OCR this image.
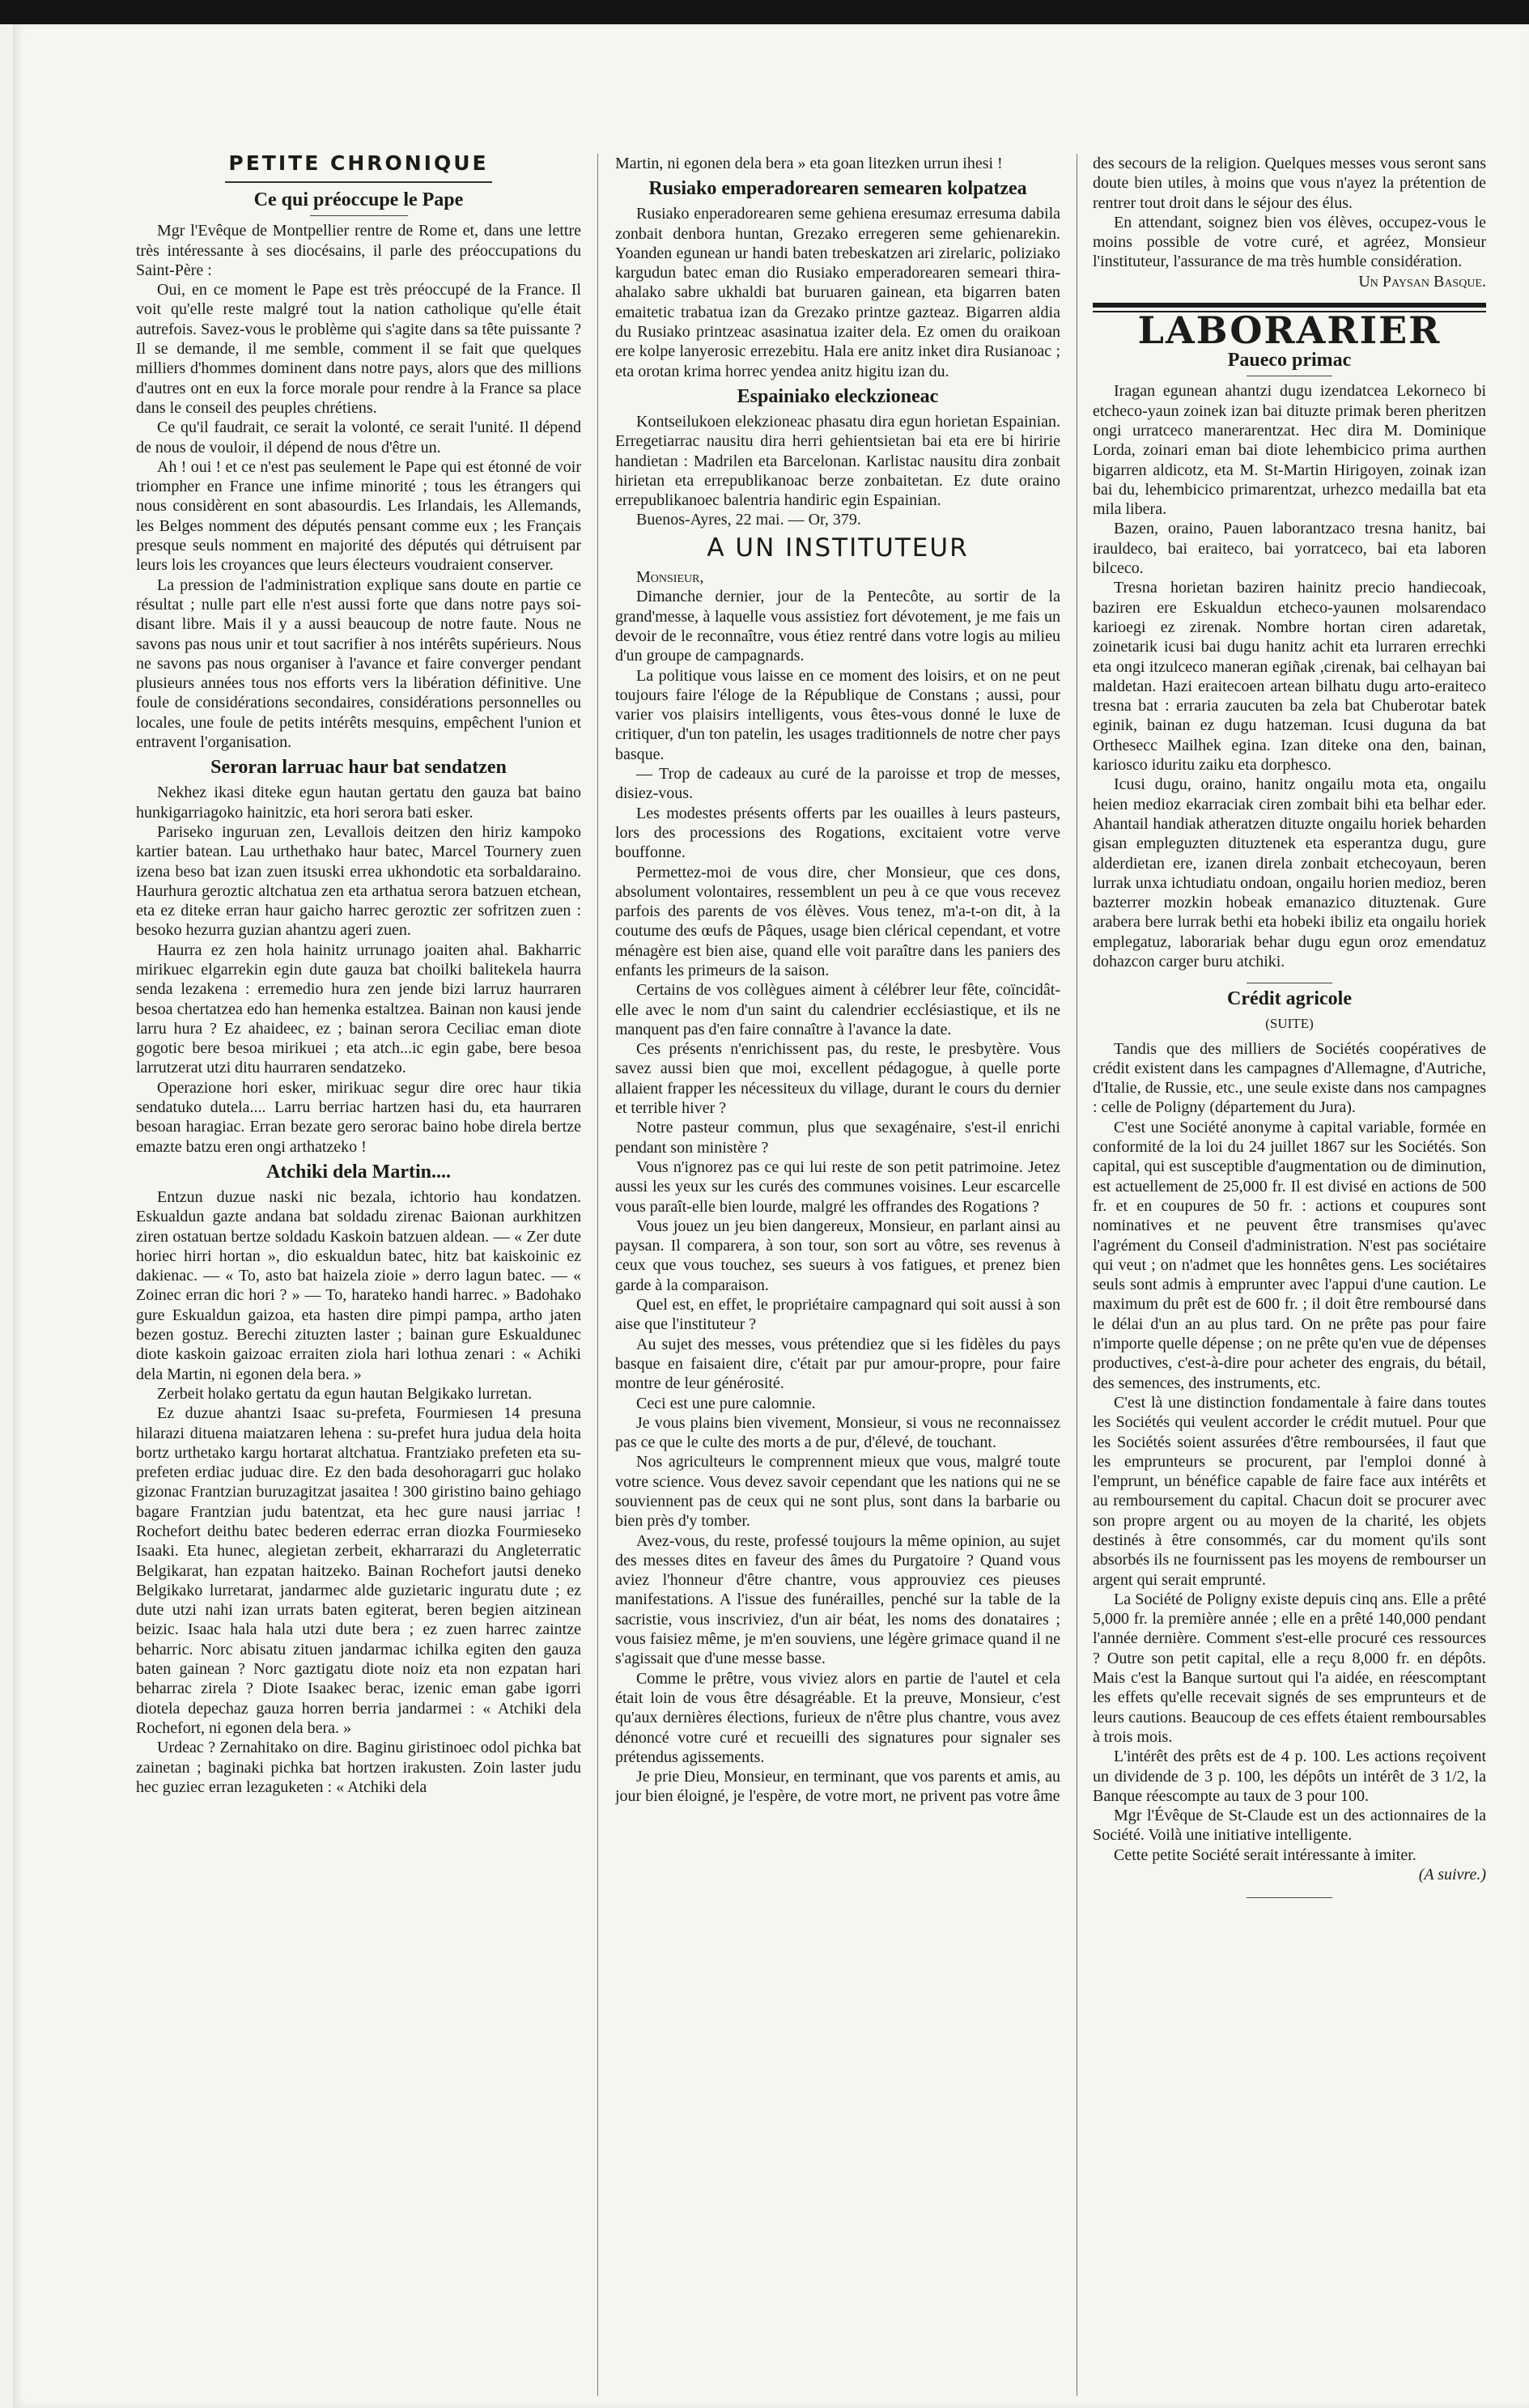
PETITE CHRONIQUE
Ce qui préoccupe le Pape

Mgr l'Evêque de Montpellier rentre de Rome et, dans une lettre très intéressante à ses diocésains, il parle des préoccupations du Saint-Père :

Oui, en ce moment le Pape est très préoccupé de la France. Il voit qu'elle reste malgré tout la nation catholique qu'elle était autrefois. Savez-vous le problème qui s'agite dans sa tête puissante ? Il se demande, il me semble, comment il se fait que quelques milliers d'hommes dominent dans notre pays, alors que des millions d'autres ont en eux la force morale pour rendre à la France sa place dans le conseil des peuples chrétiens.

Ce qu'il faudrait, ce serait la volonté, ce serait l'unité. Il dépend de nous de vouloir, il dépend de nous d'être un.

Ah ! oui ! et ce n'est pas seulement le Pape qui est étonné de voir triompher en France une infime minorité ; tous les étrangers qui nous considèrent en sont abasourdis. Les Irlandais, les Allemands, les Belges nomment des députés pensant comme eux ; les Français presque seuls nomment en majorité des députés qui détruisent par leurs lois les croyances que leurs électeurs voudraient conserver.

La pression de l'administration explique sans doute en partie ce résultat ; nulle part elle n'est aussi forte que dans notre pays soi-disant libre. Mais il y a aussi beaucoup de notre faute. Nous ne savons pas nous unir et tout sacrifier à nos intérêts supérieurs. Nous ne savons pas nous organiser à l'avance et faire converger pendant plusieurs années tous nos efforts vers la libération définitive. Une foule de considérations secondaires, considérations personnelles ou locales, une foule de petits intérêts mesquins, empêchent l'union et entravent l'organisation.

Seroran larruac haur bat sendatzen

Nekhez ikasi diteke egun hautan gertatu den gauza bat baino hunkigarriagoko hainitzic, eta hori serora bati esker.

Pariseko inguruan zen, Levallois deitzen den hiriz kampoko kartier batean. Lau urthethako haur batec, Marcel Tournery zuen izena beso bat izan zuen itsuski errea ukhondotic eta sorbaldaraino. Haurhura geroztic altchatua zen eta arthatua serora batzuen etchean, eta ez diteke erran haur gaicho harrec geroztic zer sofritzen zuen : besoko hezurra guzian ahantzu ageri zuen.

Haurra ez zen hola hainitz urrunago joaiten ahal. Bakharric mirikuec elgarrekin egin dute gauza bat choilki balitekela haurra senda lezakena : erremedio hura zen jende bizi larruz haurraren besoa chertatzea edo han hemenka estaltzea. Bainan non kausi jende larru hura ? Ez ahaideec, ez ; bainan serora Ceciliac eman diote gogotic bere besoa mirikuei ; eta atch...ic egin gabe, bere besoa larrutzerat utzi ditu haurraren sendatzeko.

Operazione hori esker, mirikuac segur dire orec haur tikia sendatuko dutela.... Larru berriac hartzen hasi du, eta haurraren besoan haragiac. Erran bezate gero serorac baino hobe direla bertze emazte batzu eren ongi arthatzeko !

Atchiki dela Martin....

Entzun duzue naski nic bezala, ichtorio hau kondatzen. Eskualdun gazte andana bat soldadu zirenac Baionan aurkhitzen ziren ostatuan bertze soldadu Kaskoin batzuen aldean. — « Zer dute horiec hirri hortan », dio eskualdun batec, hitz bat kaiskoinic ez dakienac. — « To, asto bat haizela zioie » derro lagun batec. — « Zoinec erran dic hori ? » — To, harateko handi harrec. » Badohako gure Eskualdun gaizoa, eta hasten dire pimpi pampa, artho jaten bezen gostuz. Berechi zituzten laster ; bainan gure Eskualdunec diote kaskoin gaizoac erraiten ziola hari lothua zenari : « Achiki dela Martin, ni egonen dela bera. »

Zerbeit holako gertatu da egun hautan Belgikako lurretan.

Ez duzue ahantzi Isaac su-prefeta, Fourmiesen 14 presuna hilarazi dituena maiatzaren lehena : su-prefet hura judua dela hoita bortz urthetako kargu hortarat altchatua. Frantziako prefeten eta su-prefeten erdiac juduac dire. Ez den bada desohoragarri guc holako gizonac Frantzian buruzagitzat jasaitea ! 300 giristino baino gehiago bagare Frantzian judu batentzat, eta hec gure nausi jarriac ! Rochefort deithu batec bederen ederrac erran diozka Fourmieseko Isaaki. Eta hunec, alegietan zerbeit, ekharrarazi du Angleterratic Belgikarat, han ezpatan haitzeko. Bainan Rochefort jautsi deneko Belgikako lurretarat, jandarmec alde guzietaric inguratu dute ; ez dute utzi nahi izan urrats baten egiterat, beren begien aitzinean beizic. Isaac hala hala utzi dute bera ; ez zuen harrec zaintze beharric. Norc abisatu zituen jandarmac ichilka egiten den gauza baten gainean ? Norc gaztigatu diote noiz eta non ezpatan hari beharrac zirela ? Diote Isaakec berac, izenic eman gabe igorri diotela depechaz gauza horren berria jandarmei : « Atchiki dela Rochefort, ni egonen dela bera. »

Urdeac ? Zernahitako on dire. Baginu giristinoec odol pichka bat zainetan ; baginaki pichka bat hortzen irakusten. Zoin laster judu hec guziec erran lezaguketen : « Atchiki dela

Martin, ni egonen dela bera » eta goan litezken urrun ihesi !

Rusiako emperadorearen semearen kolpatzea

Rusiako enperadorearen seme gehiena eresumaz erresuma dabila zonbait denbora huntan, Grezako erregeren seme gehienarekin. Yoanden egunean ur handi baten trebeskatzen ari zirelaric, poliziako kargudun batec eman dio Rusiako emperadorearen semeari thira-ahalako sabre ukhaldi bat buruaren gainean, eta bigarren baten emaitetic trabatua izan da Grezako printze gazteaz. Bigarren aldia du Rusiako printzeac asasinatua izaiter dela. Ez omen du oraikoan ere kolpe lanyerosic errezebitu. Hala ere anitz inket dira Rusianoac ; eta orotan krima horrec yendea anitz higitu izan du.

Espainiako eleckzioneac

Kontseilukoen elekzioneac phasatu dira egun horietan Espainian. Erregetiarrac nausitu dira herri gehientsietan bai eta ere bi hiririe handietan : Madrilen eta Barcelonan. Karlistac nausitu dira zonbait hirietan eta errepublikanoac berze zonbaitetan. Ez dute oraino errepublikanoec balentria handiric egin Espainian.

Buenos-Ayres, 22 mai. — Or, 379.

A UN INSTITUTEUR

Monsieur,

Dimanche dernier, jour de la Pentecôte, au sortir de la grand'messe, à laquelle vous assistiez fort dévotement, je me fais un devoir de le reconnaître, vous étiez rentré dans votre logis au milieu d'un groupe de campagnards.

La politique vous laisse en ce moment des loisirs, et on ne peut toujours faire l'éloge de la République de Constans ; aussi, pour varier vos plaisirs intelligents, vous êtes-vous donné le luxe de critiquer, d'un ton patelin, les usages traditionnels de notre cher pays basque.

— Trop de cadeaux au curé de la paroisse et trop de messes, disiez-vous.

Les modestes présents offerts par les ouailles à leurs pasteurs, lors des processions des Rogations, excitaient votre verve bouffonne.

Permettez-moi de vous dire, cher Monsieur, que ces dons, absolument volontaires, ressemblent un peu à ce que vous recevez parfois des parents de vos élèves. Vous tenez, m'a-t-on dit, à la coutume des œufs de Pâques, usage bien clérical cependant, et votre ménagère est bien aise, quand elle voit paraître dans les paniers des enfants les primeurs de la saison.

Certains de vos collègues aiment à célébrer leur fête, coïncidât-elle avec le nom d'un saint du calendrier ecclésiastique, et ils ne manquent pas d'en faire connaître à l'avance la date.

Ces présents n'enrichissent pas, du reste, le presbytère. Vous savez aussi bien que moi, excellent pédagogue, à quelle porte allaient frapper les nécessiteux du village, durant le cours du dernier et terrible hiver ?

Notre pasteur commun, plus que sexagénaire, s'est-il enrichi pendant son ministère ?

Vous n'ignorez pas ce qui lui reste de son petit patrimoine. Jetez aussi les yeux sur les curés des communes voisines. Leur escarcelle vous paraît-elle bien lourde, malgré les offrandes des Rogations ?

Vous jouez un jeu bien dangereux, Monsieur, en parlant ainsi au paysan. Il comparera, à son tour, son sort au vôtre, ses revenus à ceux que vous touchez, ses sueurs à vos fatigues, et prenez bien garde à la comparaison.

Quel est, en effet, le propriétaire campagnard qui soit aussi à son aise que l'instituteur ?

Au sujet des messes, vous prétendiez que si les fidèles du pays basque en faisaient dire, c'était par pur amour-propre, pour faire montre de leur générosité.

Ceci est une pure calomnie.

Je vous plains bien vivement, Monsieur, si vous ne reconnaissez pas ce que le culte des morts a de pur, d'élevé, de touchant.

Nos agriculteurs le comprennent mieux que vous, malgré toute votre science. Vous devez savoir cependant que les nations qui ne se souviennent pas de ceux qui ne sont plus, sont dans la barbarie ou bien près d'y tomber.

Avez-vous, du reste, professé toujours la même opinion, au sujet des messes dites en faveur des âmes du Purgatoire ? Quand vous aviez l'honneur d'être chantre, vous approuviez ces pieuses manifestations. A l'issue des funérailles, penché sur la table de la sacristie, vous inscriviez, d'un air béat, les noms des donataires ; vous faisiez même, je m'en souviens, une légère grimace quand il ne s'agissait que d'une messe basse.

Comme le prêtre, vous viviez alors en partie de l'autel et cela était loin de vous être désagréable. Et la preuve, Monsieur, c'est qu'aux dernières élections, furieux de n'être plus chantre, vous avez dénoncé votre curé et recueilli des signatures pour signaler ses prétendus agissements.

Je prie Dieu, Monsieur, en terminant, que vos parents et amis, au jour bien éloigné, je l'espère, de votre mort, ne privent pas votre âme

des secours de la religion. Quelques messes vous seront sans doute bien utiles, à moins que vous n'ayez la prétention de rentrer tout droit dans le séjour des élus.

En attendant, soignez bien vos élèves, occupez-vous le moins possible de votre curé, et agréez, Monsieur l'instituteur, l'assurance de ma très humble considération.

Un Paysan Basque.

LABORARIER
Paueco primac

Iragan egunean ahantzi dugu izendatcea Lekorneco bi etcheco-yaun zoinek izan bai dituzte primak beren pheritzen ongi urratceco manerarentzat. Hec dira M. Dominique Lorda, zoinari eman bai diote lehembicico prima aurthen bigarren aldicotz, eta M. St-Martin Hirigoyen, zoinak izan bai du, lehembicico primarentzat, urhezco medailla bat eta mila libera.

Bazen, oraino, Pauen laborantzaco tresna hanitz, bai irauldeco, bai eraiteco, bai yorratceco, bai eta laboren bilceco.

Tresna horietan baziren hainitz precio handiecoak, baziren ere Eskualdun etcheco-yaunen molsarendaco karioegi ez zirenak. Nombre hortan ciren adaretak, zoinetarik icusi bai dugu hanitz achit eta lurraren errechki eta ongi itzulceco maneran egiñak ,cirenak, bai celhayan bai maldetan. Hazi eraitecoen artean bilhatu dugu arto-eraiteco tresna bat : erraria zaucuten ba zela bat Chuberotar batek eginik, bainan ez dugu hatzeman. Icusi duguna da bat Orthesecc Mailhek egina. Izan diteke ona den, bainan, kariosco iduritu zaiku eta dorphesco.

Icusi dugu, oraino, hanitz ongailu mota eta, ongailu heien medioz ekarraciak ciren zombait bihi eta belhar eder. Ahantail handiak atheratzen dituzte ongailu horiek beharden gisan empleguzten dituztenek eta esperantza dugu, gure alderdietan ere, izanen direla zonbait etchecoyaun, beren lurrak unxa ichtudiatu ondoan, ongailu horien medioz, beren bazterrer mozkin hobeak emanazico dituztenak. Gure arabera bere lurrak bethi eta hobeki ibiliz eta ongailu horiek emplegatuz, laborariak behar dugu egun oroz emendatuz dohazcon carger buru atchiki.

Crédit agricole
(SUITE)

Tandis que des milliers de Sociétés coopératives de crédit existent dans les campagnes d'Allemagne, d'Autriche, d'Italie, de Russie, etc., une seule existe dans nos campagnes : celle de Poligny (département du Jura).

C'est une Société anonyme à capital variable, formée en conformité de la loi du 24 juillet 1867 sur les Sociétés. Son capital, qui est susceptible d'augmentation ou de diminution, est actuellement de 25,000 fr. Il est divisé en actions de 500 fr. et en coupures de 50 fr. : actions et coupures sont nominatives et ne peuvent être transmises qu'avec l'agrément du Conseil d'administration. N'est pas sociétaire qui veut ; on n'admet que les honnêtes gens. Les sociétaires seuls sont admis à emprunter avec l'appui d'une caution. Le maximum du prêt est de 600 fr. ; il doit être remboursé dans le délai d'un an au plus tard. On ne prête pas pour faire n'importe quelle dépense ; on ne prête qu'en vue de dépenses productives, c'est-à-dire pour acheter des engrais, du bétail, des semences, des instruments, etc.

C'est là une distinction fondamentale à faire dans toutes les Sociétés qui veulent accorder le crédit mutuel. Pour que les Sociétés soient assurées d'être remboursées, il faut que les emprunteurs se procurent, par l'emploi donné à l'emprunt, un bénéfice capable de faire face aux intérêts et au remboursement du capital. Chacun doit se procurer avec son propre argent ou au moyen de la charité, les objets destinés à être consommés, car du moment qu'ils sont absorbés ils ne fournissent pas les moyens de rembourser un argent qui serait emprunté.

La Société de Poligny existe depuis cinq ans. Elle a prêté 5,000 fr. la première année ; elle en a prêté 140,000 pendant l'année dernière. Comment s'est-elle procuré ces ressources ? Outre son petit capital, elle a reçu 8,000 fr. en dépôts. Mais c'est la Banque surtout qui l'a aidée, en réescomptant les effets qu'elle recevait signés de ses emprunteurs et de leurs cautions. Beaucoup de ces effets étaient remboursables à trois mois.

L'intérêt des prêts est de 4 p. 100. Les actions reçoivent un dividende de 3 p. 100, les dépôts un intérêt de 3 1/2, la Banque réescompte au taux de 3 pour 100.

Mgr l'Évêque de St-Claude est un des actionnaires de la Société. Voilà une initiative intelligente.

Cette petite Société serait intéressante à imiter.

(A suivre.)
